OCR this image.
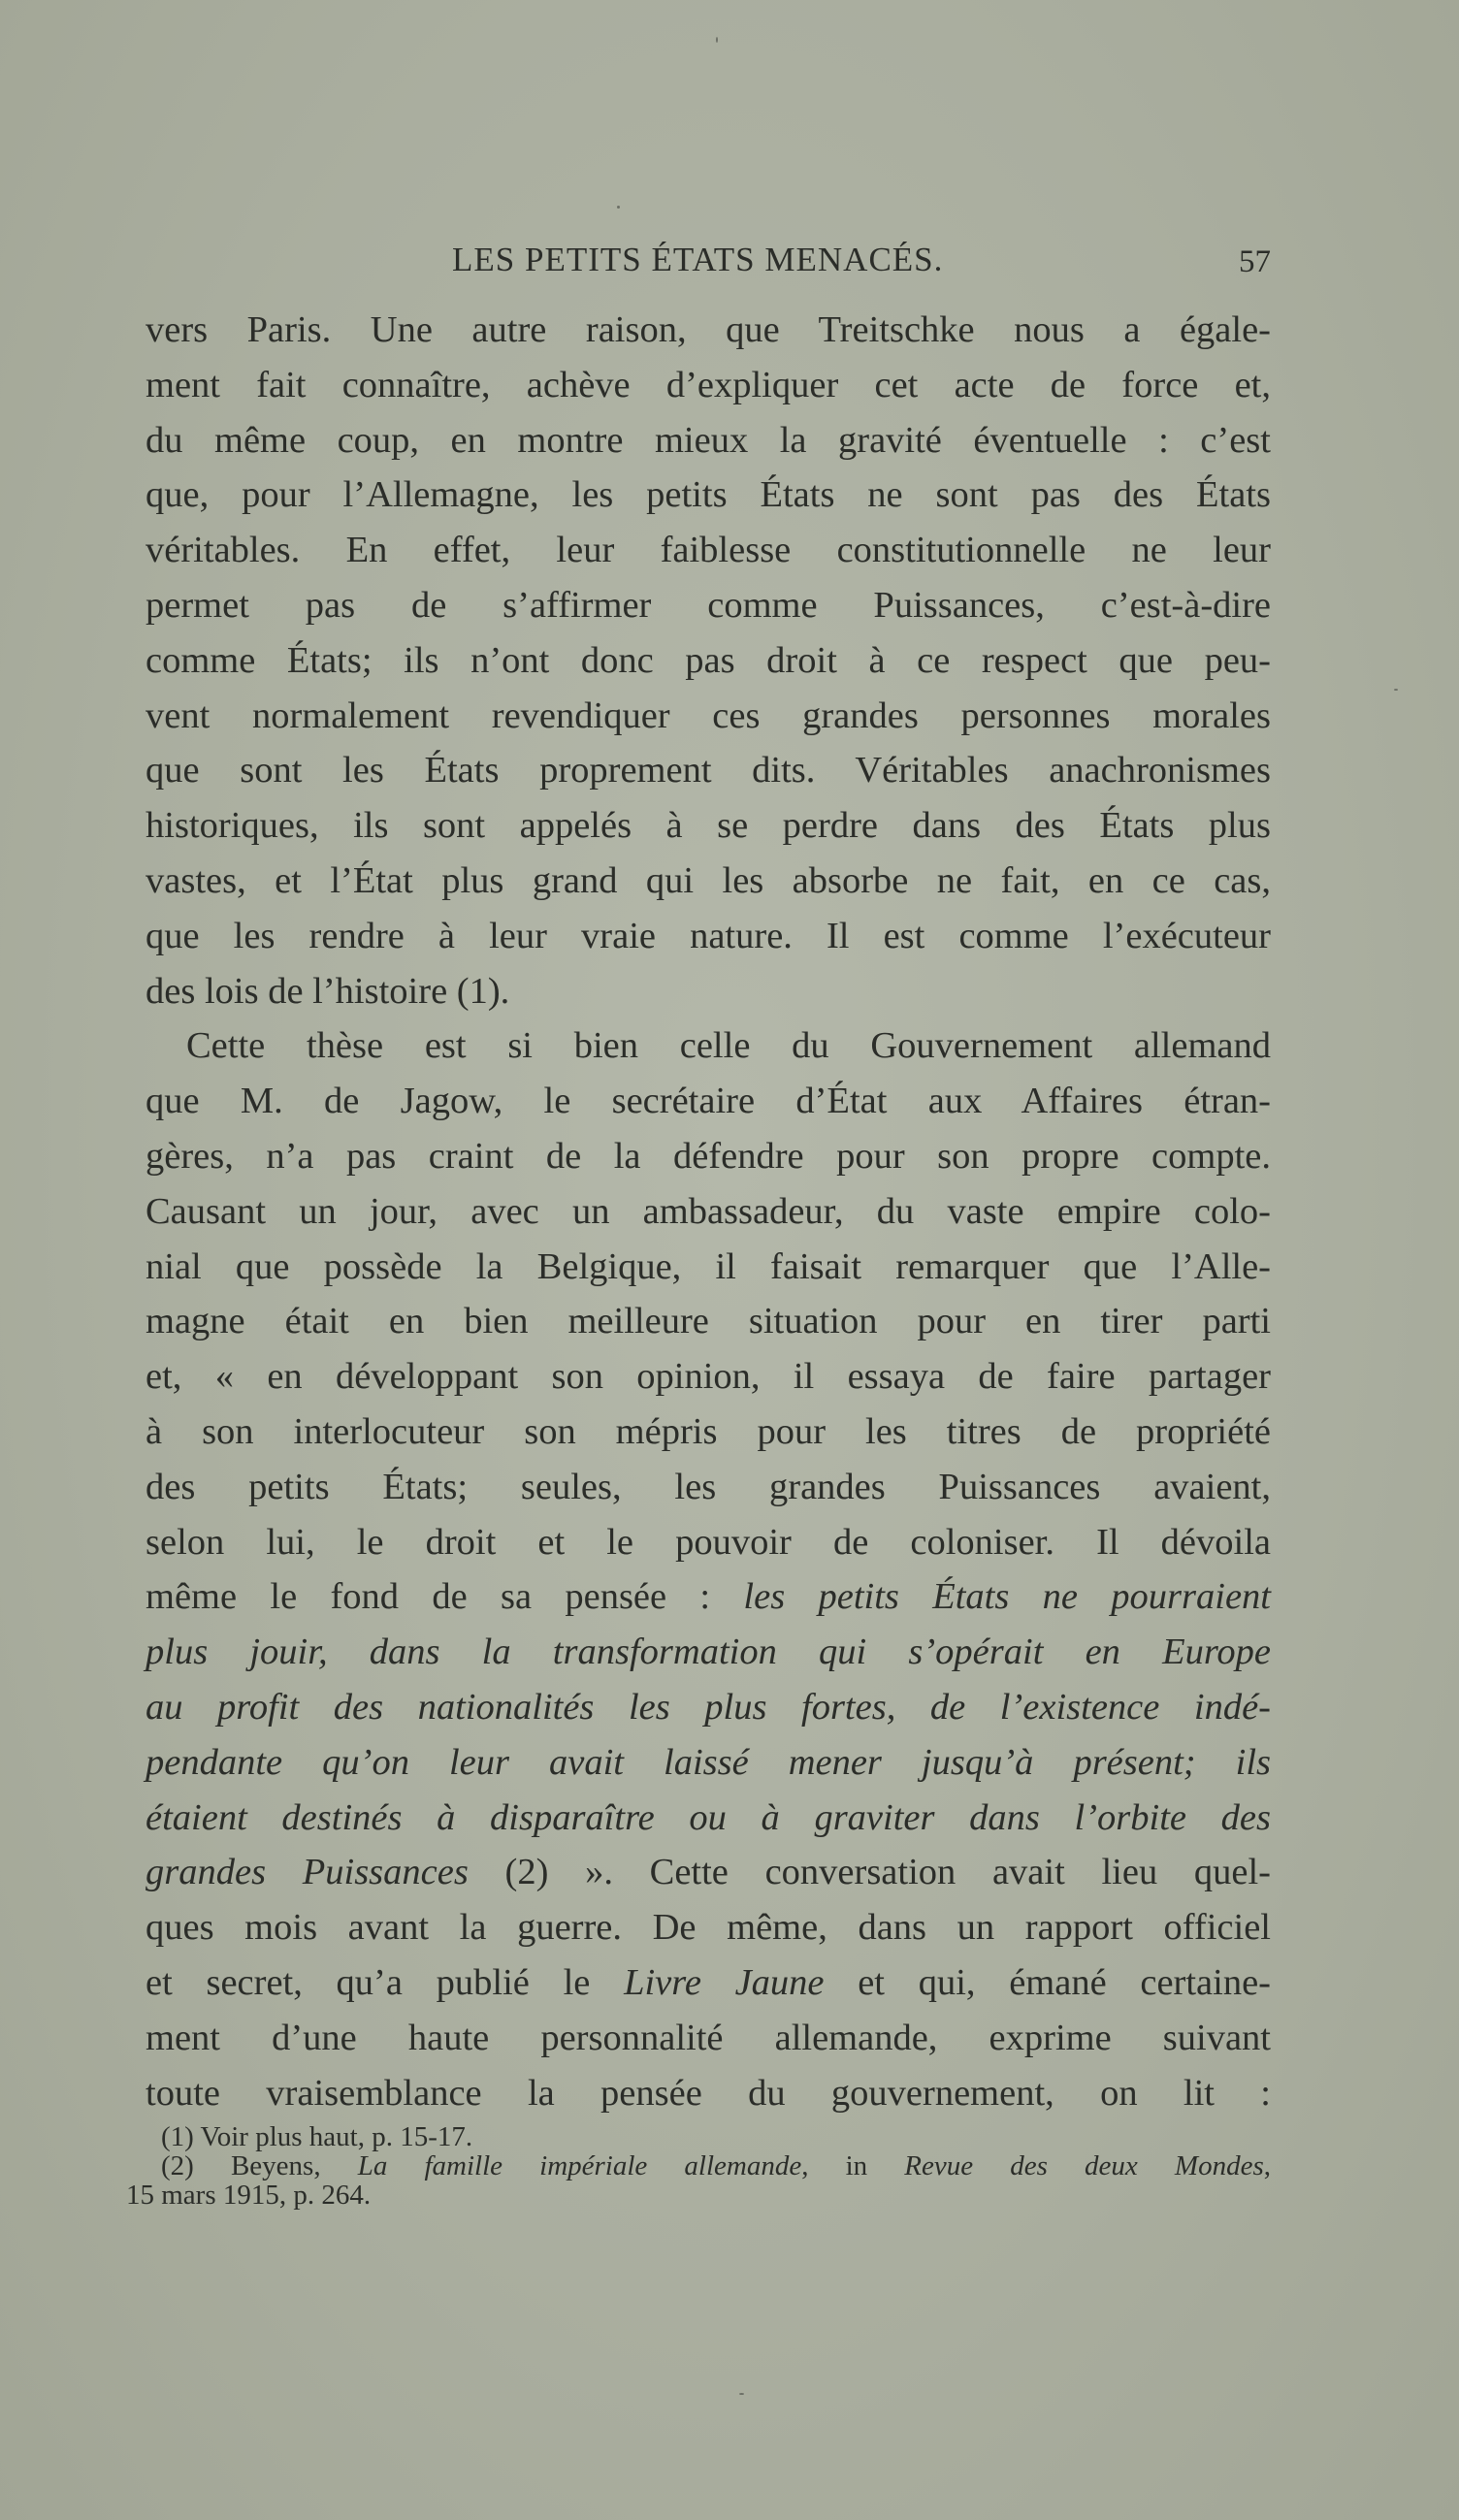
LES PETITS ÉTATS MENACÉS.	57
vers Paris. Une autre raison, que Treitschke nous a égale-
ment fait connaître, achève d’expliquer cet acte de force et,
du même coup, en montre mieux la gravité éventuelle : c’est
que, pour l’Allemagne, les petits États ne sont pas des États
véritables. En effet, leur faiblesse constitutionnelle ne leur
permet pas de s’affirmer comme Puissances, c’est-à-dire
comme États; ils n’ont donc pas droit à ce respect que peu-
vent normalement revendiquer ces grandes personnes morales
que sont les États proprement dits. Véritables anachronismes
historiques, ils sont appelés à se perdre dans des États plus
vastes, et l’État plus grand qui les absorbe ne fait, en ce cas,
que les rendre à leur vraie nature. Il est comme l’exécuteur
des lois de l’histoire (1).
Cette thèse est si bien celle du Gouvernement allemand
que M. de Jagow, le secrétaire d’État aux Affaires étran-
gères, n’a pas craint de la défendre pour son propre compte.
Causant un jour, avec un ambassadeur, du vaste empire colo-
nial que possède la Belgique, il faisait remarquer que l’Alle-
magne était en bien meilleure situation pour en tirer parti
et, « en développant son opinion, il essaya de faire partager
à son interlocuteur son mépris pour les titres de propriété
des petits États; seules, les grandes Puissances avaient,
selon lui, le droit et le pouvoir de coloniser. Il dévoila
même le fond de sa pensée : les petits États ne pourraient
plus jouir, dans la transformation qui s’opérait en Europe
au profit des nationalités les plus fortes, de l’existence indé-
pendante qu’on leur avait laissé mener jusqu’à présent; ils
étaient destinés à disparaître ou à graviter dans l’orbite des
grandes Puissances (2) ». Cette conversation avait lieu quel-
ques mois avant la guerre. De même, dans un rapport officiel
et secret, qu’a publié le Livre Jaune et qui, émané certaine-
ment d’une haute personnalité allemande, exprime suivant
toute vraisemblance la pensée du gouvernement, on lit :
(1) Voir plus haut, p. 15-17.
(2) Beyens, La famille impériale allemande, in Revue des deux Mondes,
15 mars 1915, p. 264.
